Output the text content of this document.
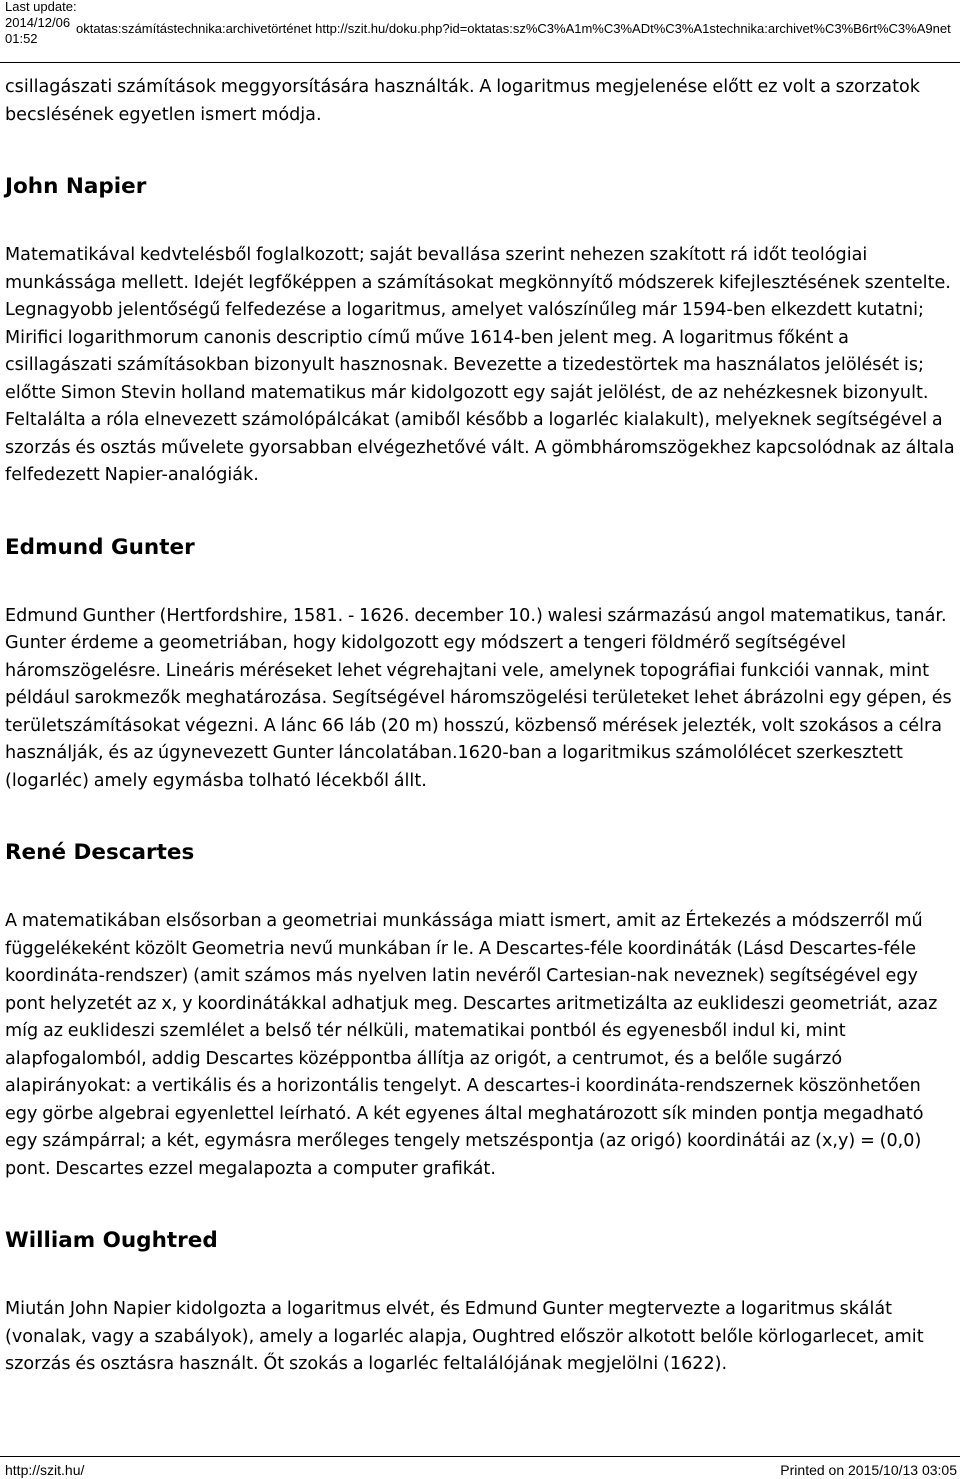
Last update:
2014/12/06 01:52
oktatas:számítástechnika:archivetörténet http://szit.hu/doku.php?id=oktatas:sz%C3%A1m%C3%ADt%C3%A1stechnika:archivet%C3%B6rt%C3%A9net

csillagászati számítások meggyorsítására használták. A logaritmus megjelenése előtt ez volt a szorzatok becslésének egyetlen ismert módja.

John Napier

Matematikával kedvtelésből foglalkozott; saját bevallása szerint nehezen szakított rá időt teológiai munkássága mellett. Idejét legfőképpen a számításokat megkönnyítő módszerek kifejlesztésének szentelte. Legnagyobb jelentőségű felfedezése a logaritmus, amelyet valószínűleg már 1594-ben elkezdett kutatni; Mirifici logarithmorum canonis descriptio című műve 1614-ben jelent meg. A logaritmus főként a csillagászati számításokban bizonyult hasznosnak. Bevezette a tizedestörtek ma használatos jelölését is; előtte Simon Stevin holland matematikus már kidolgozott egy saját jelölést, de az nehézkesnek bizonyult. Feltalálta a róla elnevezett számolópálcákat (amiből később a logarléc kialakult), melyeknek segítségével a szorzás és osztás művelete gyorsabban elvégezhetővé vált. A gömbháromszögekhez kapcsolódnak az általa felfedezett Napier-analógiák.

Edmund Gunter

Edmund Gunther (Hertfordshire, 1581. - 1626. december 10.) walesi származású angol matematikus, tanár. Gunter érdeme a geometriában, hogy kidolgozott egy módszert a tengeri földmérő segítségével háromszögelésre. Lineáris méréseket lehet végrehajtani vele, amelynek topográfiai funkciói vannak, mint például sarokmezők meghatározása. Segítségével háromszögelési területeket lehet ábrázolni egy gépen, és területszámításokat végezni. A lánc 66 láb (20 m) hosszú, közbenső mérések jelezték, volt szokásos a célra használják, és az úgynevezett Gunter láncolatában.1620-ban a logaritmikus számolólécet szerkesztett (logarléc) amely egymásba tolható lécekből állt.

René Descartes

A matematikában elsősorban a geometriai munkássága miatt ismert, amit az Értekezés a módszerről mű függelékeként közölt Geometria nevű munkában ír le. A Descartes-féle koordináták (Lásd Descartes-féle koordináta-rendszer) (amit számos más nyelven latin nevéről Cartesian-nak neveznek) segítségével egy pont helyzetét az x, y koordinátákkal adhatjuk meg. Descartes aritmetizálta az euklideszi geometriát, azaz míg az euklideszi szemlélet a belső tér nélküli, matematikai pontból és egyenesből indul ki, mint alapfogalomból, addig Descartes középpontba állítja az origót, a centrumot, és a belőle sugárzó alapirányokat: a vertikális és a horizontális tengelyt. A descartes-i koordináta-rendszernek köszönhetően egy görbe algebrai egyenlettel leírható. A két egyenes által meghatározott sík minden pontja megadható egy számpárral; a két, egymásra merőleges tengely metszéspontja (az origó) koordinátái az (x,y) = (0,0) pont. Descartes ezzel megalapozta a computer grafikát.

William Oughtred

Miután John Napier kidolgozta a logaritmus elvét, és Edmund Gunter megtervezte a logaritmus skálát (vonalak, vagy a szabályok), amely a logarléc alapja, Oughtred először alkotott belőle körlogarlecet, amit szorzás és osztásra használt. Őt szokás a logarléc feltalálójának megjelölni (1622).

http://szit.hu/	Printed on 2015/10/13 03:05
